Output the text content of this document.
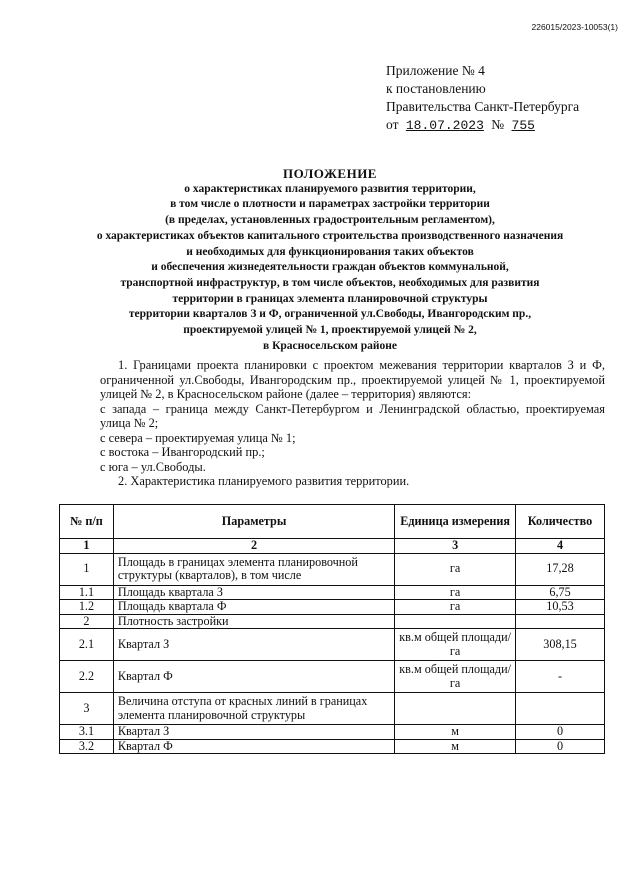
226015/2023-10053(1)
Приложение № 4
к постановлению
Правительства Санкт-Петербурга
от 18.07.2023 № 755
ПОЛОЖЕНИЕ
о характеристиках планируемого развития территории,
в том числе о плотности и параметрах застройки территории
(в пределах, установленных градостроительным регламентом),
о характеристиках объектов капитального строительства производственного назначения
и необходимых для функционирования таких объектов
и обеспечения жизнедеятельности граждан объектов коммунальной,
транспортной инфраструктур, в том числе объектов, необходимых для развития
территории в границах элемента планировочной структуры
территории кварталов З и Ф, ограниченной ул.Свободы, Ивангородским пр.,
проектируемой улицей № 1, проектируемой улицей № 2,
в Красносельском районе

1. Границами проекта планировки с проектом межевания территории кварталов З и Ф, ограниченной ул.Свободы, Ивангородским пр., проектируемой улицей № 1, проектируемой улицей № 2, в Красносельском районе (далее – территория) являются:

с запада – граница между Санкт-Петербургом и Ленинградской областью, проектируемая улица № 2;

с севера – проектируемая улица № 1;

с востока – Ивангородский пр.;

с юга – ул.Свободы.

2. Характеристика планируемого развития территории.

№ п/п	Параметры	Единица измерения	Количество
1	2	3	4
1	Площадь в границах элемента планировочной структуры (кварталов), в том числе	га	17,28
1.1	Площадь квартала З	га	6,75
1.2	Площадь квартала Ф	га	10,53
2	Плотность застройки		
2.1	Квартал З	кв.м общей площади/га	308,15
2.2	Квартал Ф	кв.м общей площади/га	-
3	Величина отступа от красных линий в границах элемента планировочной структуры		
3.1	Квартал З	м	0
3.2	Квартал Ф	м	0
